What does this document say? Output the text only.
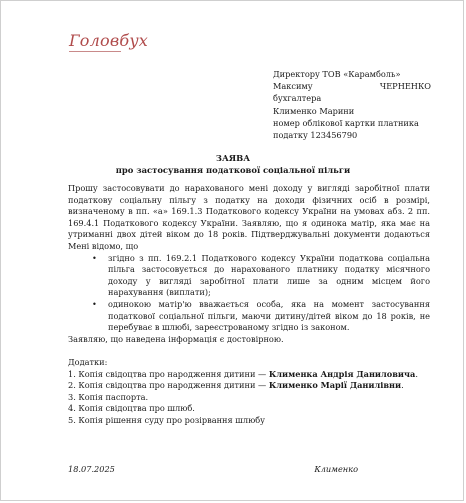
Головбух
Директору ТОВ «Карамболь»
Максиму	ЧЕРНЕНКО
бухгалтера
Клименко Марини
номер облікової картки платника
податку 123456790
ЗАЯВА
про застосування податкової соціальної пільги

Прошу застосовувати до нарахованого мені доходу у вигляді заробітної плати податкову соціальну пільгу з податку на доходи фізичних осіб в розмірі, визначеному в пп. «а» 169.1.3 Податкового кодексу України на умовах абз. 2 пп. 169.4.1 Податкового кодексу України. Заявляю, що я одинока матір, яка має на утриманні двох дітей віком до 18 років. Підтверджувальні документи додаються Мені відомо, що

• згідно з пп. 169.2.1 Податкового кодексу України податкова соціальна пільга застосовується до нарахованого платнику податку місячного доходу у вигляді заробітної плати лише за одним місцем його нарахування (виплати);
• одинокою матір'ю вважається особа, яка на момент застосування податкової соціальної пільги, маючи дитину/дітей віком до 18 років, не перебуває в шлюбі, зареєстрованому згідно із законом.

Заявляю, що наведена інформація є достовірною.

Додатки:

1. Копія свідоцтва про народження дитини — Клименка Андрія Даниловича.
2. Копія свідоцтва про народження дитини — Клименко Марії Данилівни.
3. Копія паспорта.
4. Копія свідоцтва про шлюб.
5. Копія рішення суду про розірвання шлюбу
18.07.2025	Клименко
